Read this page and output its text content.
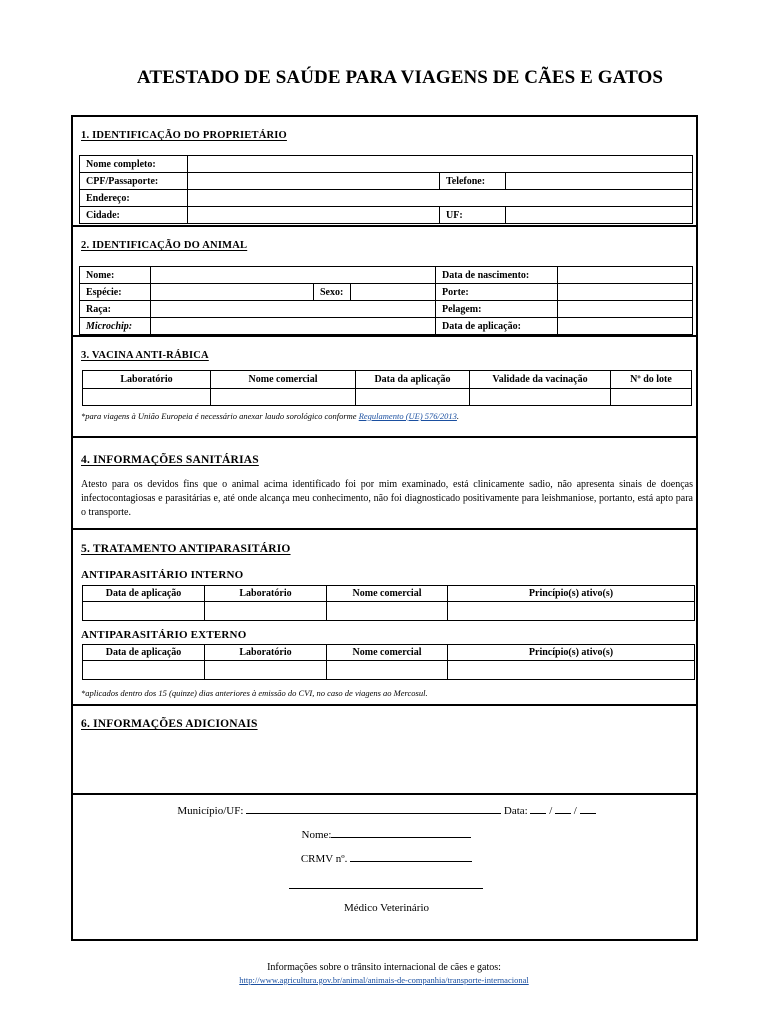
ATESTADO DE SAÚDE PARA VIAGENS DE CÃES E GATOS
1. IDENTIFICAÇÃO DO PROPRIETÁRIO
Nome completo:			
CPF/Passaporte:		Telefone:	
Endereço:			
Cidade:		UF:	
2. IDENTIFICAÇÃO DO ANIMAL
Nome:				Data de nascimento:	
Espécie:		Sexo:		Porte:	
Raça:				Pelagem:	
Microchip:				Data de aplicação:	
3. VACINA ANTI-RÁBICA
Laboratório	Nome comercial	Data da aplicação	Validade da vacinação	Nº do lote

*para viagens à União Europeia é necessário anexar laudo sorológico conforme Regulamento (UE) 576/2013.
4. INFORMAÇÕES SANITÁRIAS
Atesto para os devidos fins que o animal acima identificado foi por mim examinado, está clinicamente sadio, não apresenta sinais de doenças infectocontagiosas e parasitárias e, até onde alcança meu conhecimento, não foi diagnosticado positivamente para leishmaniose, portanto, está apto para o transporte.
5. TRATAMENTO ANTIPARASITÁRIO
ANTIPARASITÁRIO INTERNO
Data de aplicação	Laboratório	Nome comercial	Princípio(s) ativo(s)

ANTIPARASITÁRIO EXTERNO
Data de aplicação	Laboratório	Nome comercial	Princípio(s) ativo(s)

*aplicados dentro dos 15 (quinze) dias anteriores à emissão do CVI, no caso de viagens ao Mercosul.
6. INFORMAÇÕES ADICIONAIS
Município/UF:	Data: / /
Nome:
CRMV nº.
Médico Veterinário
Informações sobre o trânsito internacional de cães e gatos:
http://www.agricultura.gov.br/animal/animais-de-companhia/transporte-internacional
